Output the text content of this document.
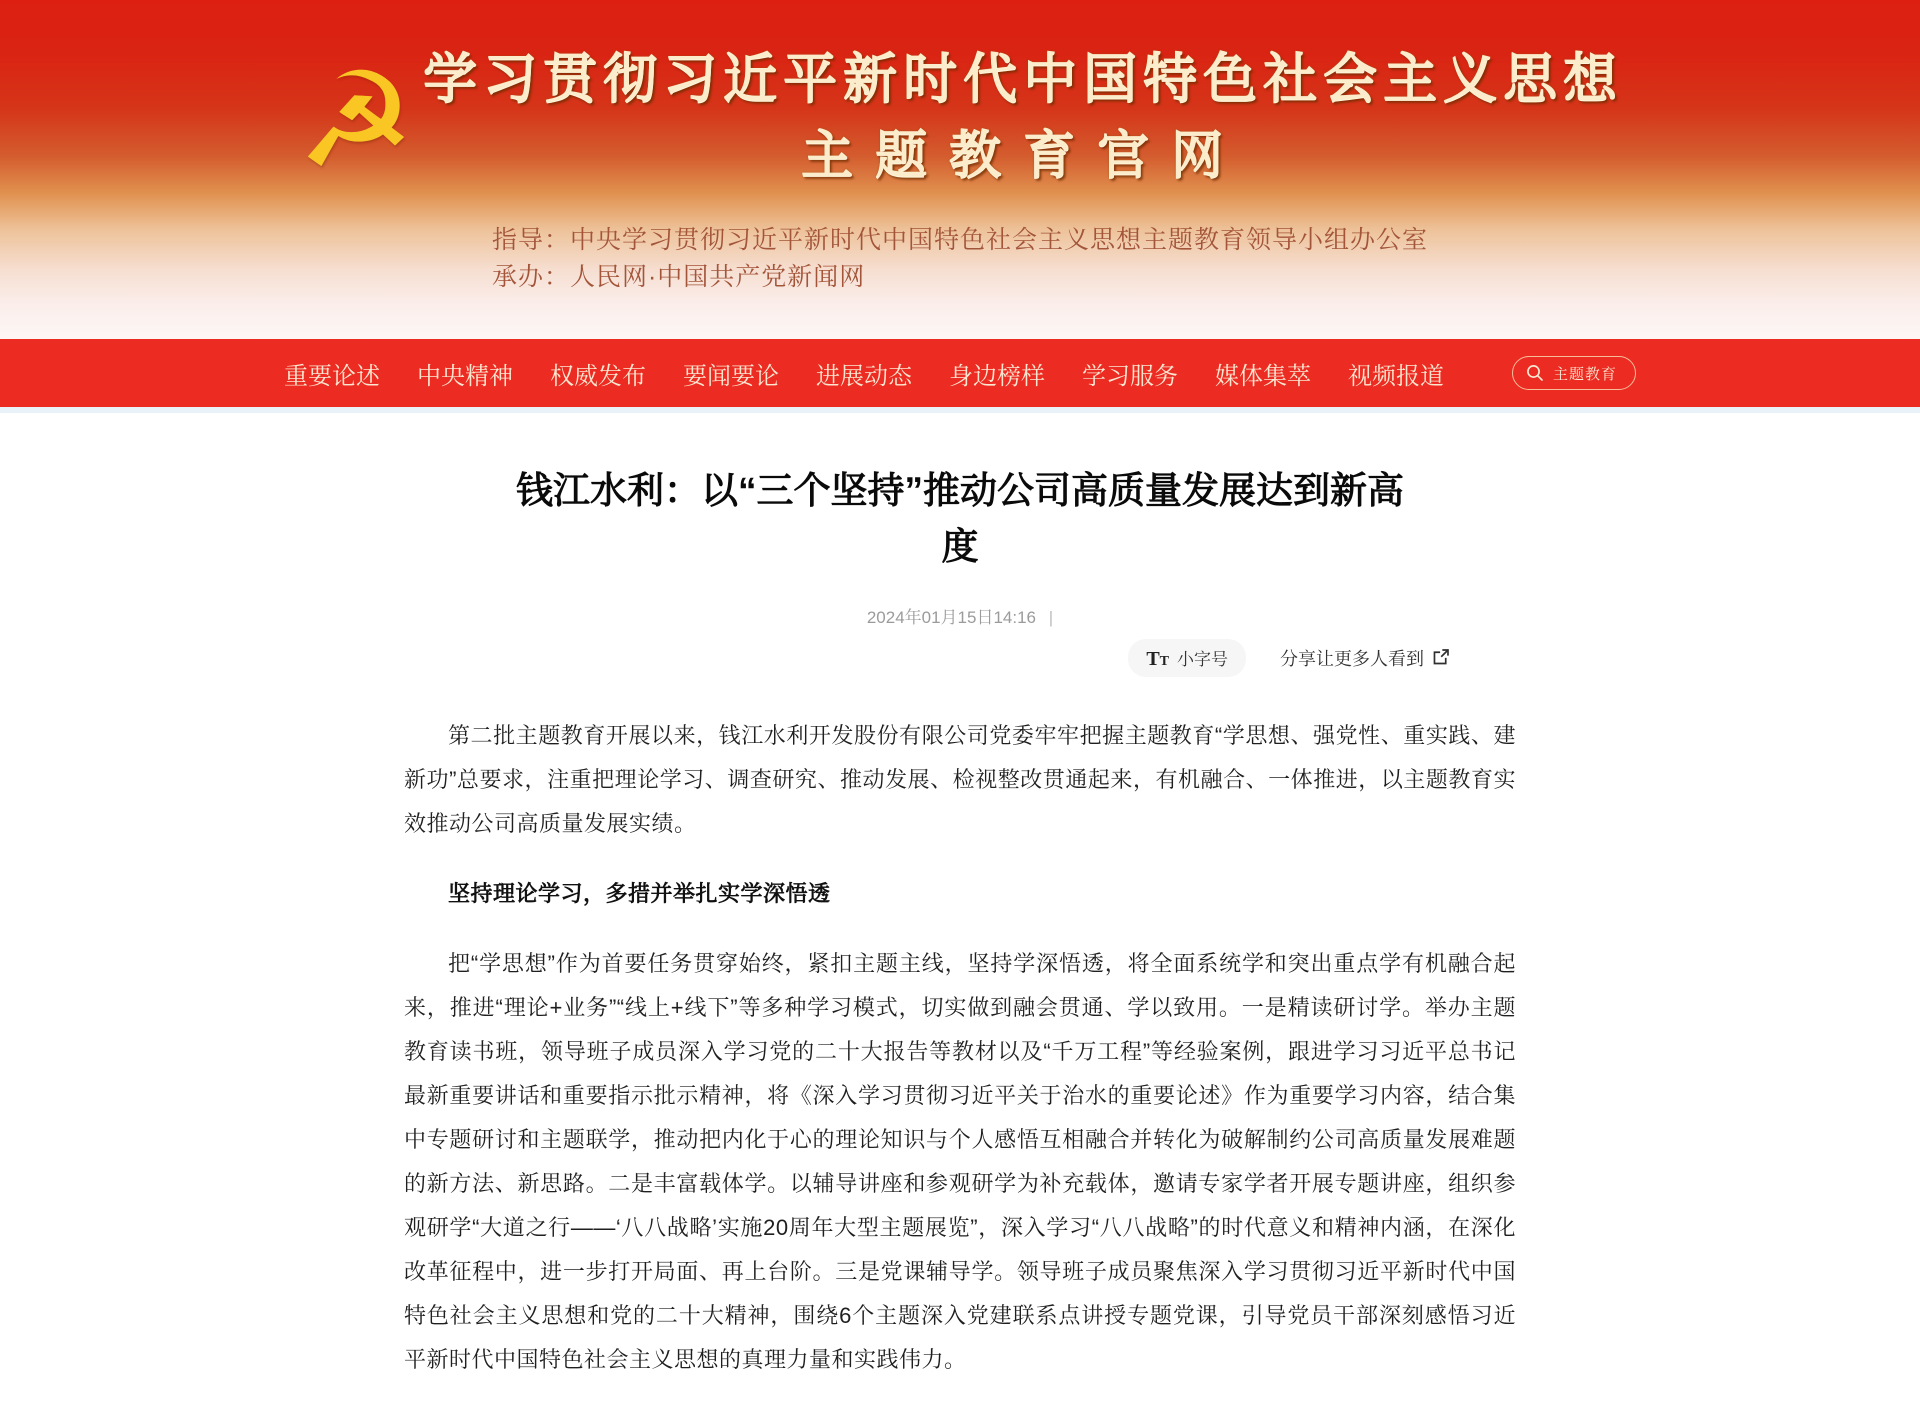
☭ 学习贯彻习近平新时代中国特色社会主义思想
主题教育官网
指导：中央学习贯彻习近平新时代中国特色社会主义思想主题教育领导小组办公室
承办：人民网·中国共产党新闻网
重要论述 中央精神 权威发布 要闻要论 进展动态 身边榜样 学习服务 媒体集萃 视频报道	主题教育
钱江水利：以“三个坚持”推动公司高质量发展达到新高度
2024年01月15日14:16 |
TT 小字号	分享让更多人看到

第二批主题教育开展以来，钱江水利开发股份有限公司党委牢牢把握主题教育“学思想、强党性、重实践、建新功”总要求，注重把理论学习、调查研究、推动发展、检视整改贯通起来，有机融合、一体推进，以主题教育实效推动公司高质量发展实绩。

坚持理论学习，多措并举扎实学深悟透

把“学思想”作为首要任务贯穿始终，紧扣主题主线，坚持学深悟透，将全面系统学和突出重点学有机融合起来，推进“理论+业务”“线上+线下”等多种学习模式，切实做到融会贯通、学以致用。一是精读研讨学。举办主题教育读书班，领导班子成员深入学习党的二十大报告等教材以及“千万工程”等经验案例，跟进学习习近平总书记最新重要讲话和重要指示批示精神，将《深入学习贯彻习近平关于治水的重要论述》作为重要学习内容，结合集中专题研讨和主题联学，推动把内化于心的理论知识与个人感悟互相融合并转化为破解制约公司高质量发展难题的新方法、新思路。二是丰富载体学。以辅导讲座和参观研学为补充载体，邀请专家学者开展专题讲座，组织参观研学“大道之行——‘八八战略’实施20周年大型主题展览”，深入学习“八八战略”的时代意义和精神内涵，在深化改革征程中，进一步打开局面、再上台阶。三是党课辅导学。领导班子成员聚焦深入学习贯彻习近平新时代中国特色社会主义思想和党的二十大精神，围绕6个主题深入党建联系点讲授专题党课，引导党员干部深刻感悟习近平新时代中国特色社会主义思想的真理力量和实践伟力。
